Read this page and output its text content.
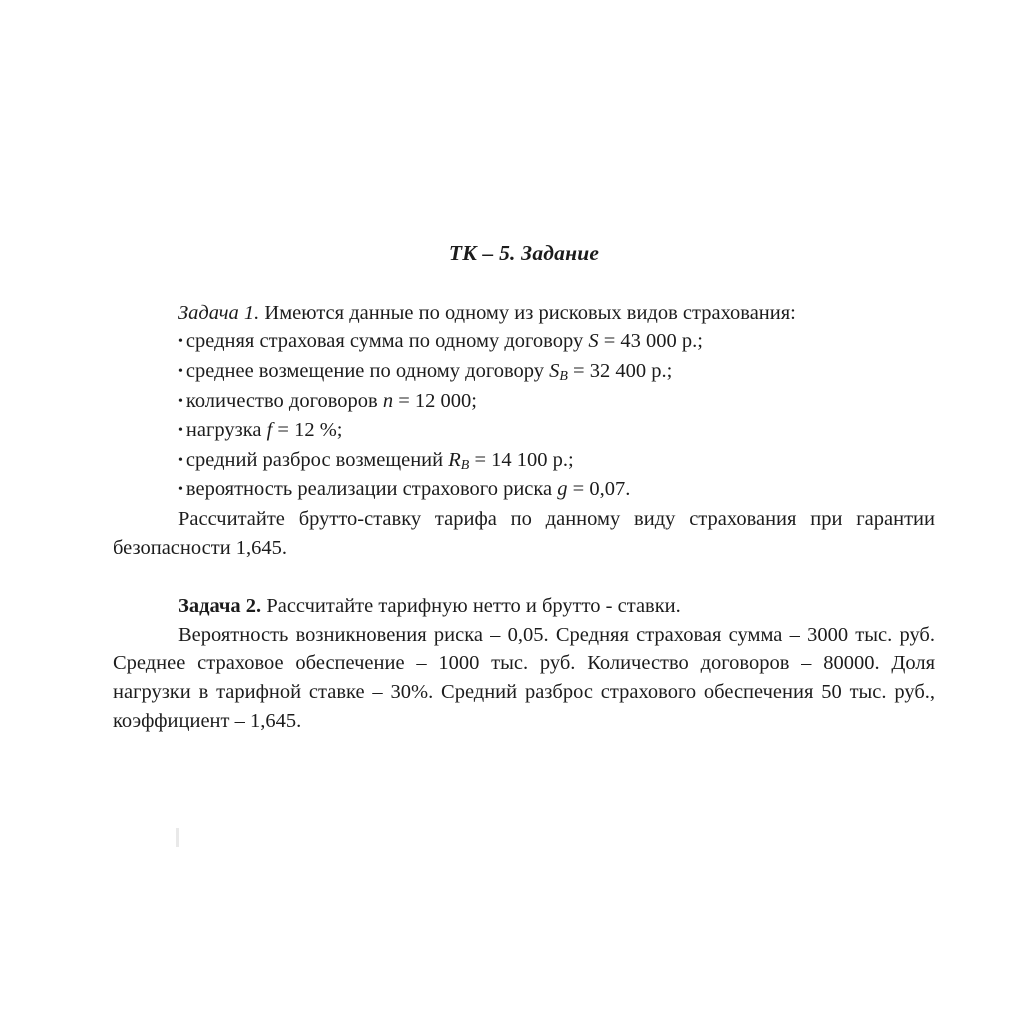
ТК – 5. Задание

Задача 1. Имеются данные по одному из рисковых видов страхования:

• средняя страховая сумма по одному договору S = 43 000 р.;

• среднее возмещение по одному договору $S_В = 32$ 400 р.;

• количество договоров n = 12 000;

• нагрузка f = 12 %;

• средний разброс возмещений $R_В = 14$ 100 р.;

• вероятность реализации страхового риска g = 0,07.

Рассчитайте брутто-ставку тарифа по данному виду страхования при гарантии безопасности 1,645.

Задача 2. Рассчитайте тарифную нетто и брутто - ставки.

Вероятность возникновения риска – 0,05. Средняя страховая сумма – 3000 тыс. руб. Среднее страховое обеспечение – 1000 тыс. руб. Количество договоров – 80000. Доля нагрузки в тарифной ставке – 30%. Средний разброс страхового обеспечения 50 тыс. руб., коэффициент – 1,645.
